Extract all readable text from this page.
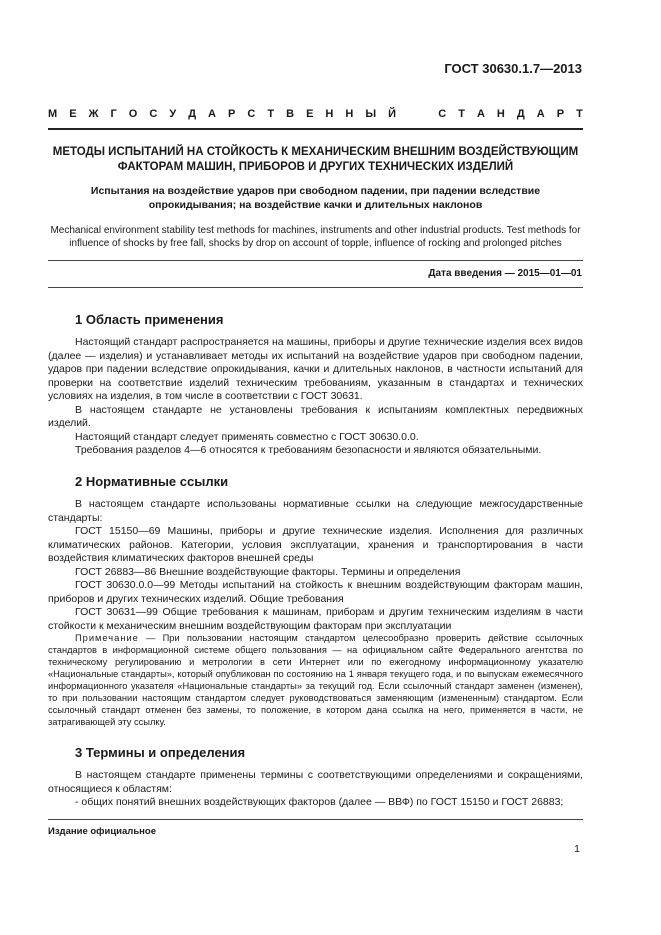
ГОСТ 30630.1.7—2013
М Е Ж Г О С У Д А Р С Т В Е Н Н Ы Й

	С Т А Н Д А Р Т
МЕТОДЫ ИСПЫТАНИЙ НА СТОЙКОСТЬ К МЕХАНИЧЕСКИМ ВНЕШНИМ ВОЗДЕЙСТВУЮЩИМ
ФАКТОРАМ МАШИН, ПРИБОРОВ И ДРУГИХ ТЕХНИЧЕСКИХ ИЗДЕЛИЙ
Испытания на воздействие ударов при свободном падении, при падении вследствие
опрокидывания; на воздействие качки и длительных наклонов
Mechanical environment stability test methods for machines, instruments and other industrial products. Test methods for
influence of shocks by free fall, shocks by drop on account of topple, influence of rocking and prolonged pitches
Дата введения — 2015—01—01
1 Область применения

Настоящий стандарт распространяется на машины, приборы и другие технические изделия всех видов (далее — изделия) и устанавливает методы их испытаний на воздействие ударов при свободном падении, ударов при падении вследствие опрокидывания, качки и длительных наклонов, в частности испытаний для проверки на соответствие изделий техническим требованиям, указанным в стандартах и технических условиях на изделия, в том числе в соответствии с ГОСТ 30631.

В настоящем стандарте не установлены требования к испытаниям комплектных передвижных изделий.

Настоящий стандарт следует применять совместно с ГОСТ 30630.0.0.

Требования разделов 4—6 относятся к требованиям безопасности и являются обязательными.

2 Нормативные ссылки

В настоящем стандарте использованы нормативные ссылки на следующие межгосударственные стандарты:

ГОСТ 15150—69 Машины, приборы и другие технические изделия. Исполнения для различных климатических районов. Категории, условия эксплуатации, хранения и транспортирования в части воздействия климатических факторов внешней среды

ГОСТ 26883—86 Внешние воздействующие факторы. Термины и определения

ГОСТ 30630.0.0—99 Методы испытаний на стойкость к внешним воздействующим факторам машин, приборов и других технических изделий. Общие требования

ГОСТ 30631—99 Общие требования к машинам, приборам и другим техническим изделиям в части стойкости к механическим внешним воздействующим факторам при эксплуатации

Примечание — При пользовании настоящим стандартом целесообразно проверить действие ссылочных стандартов в информационной системе общего пользования — на официальном сайте Федерального агентства по техническому регулированию и метрологии в сети Интернет или по ежегодному информационному указателю «Национальные стандарты», который опубликован по состоянию на 1 января текущего года, и по выпускам ежемесячного информационного указателя «Национальные стандарты» за текущий год. Если ссылочный стандарт заменен (изменен), то при пользовании настоящим стандартом следует руководствоваться заменяющим (измененным) стандартом. Если ссылочный стандарт отменен без замены, то положение, в котором дана ссылка на него, применяется в части, не затрагивающей эту ссылку.

3 Термины и определения

В настоящем стандарте применены термины с соответствующими определениями и сокращениями, относящиеся к областям:

- общих понятий внешних воздействующих факторов (далее — ВВФ) по ГОСТ 15150 и ГОСТ 26883;

Издание официальное
1
